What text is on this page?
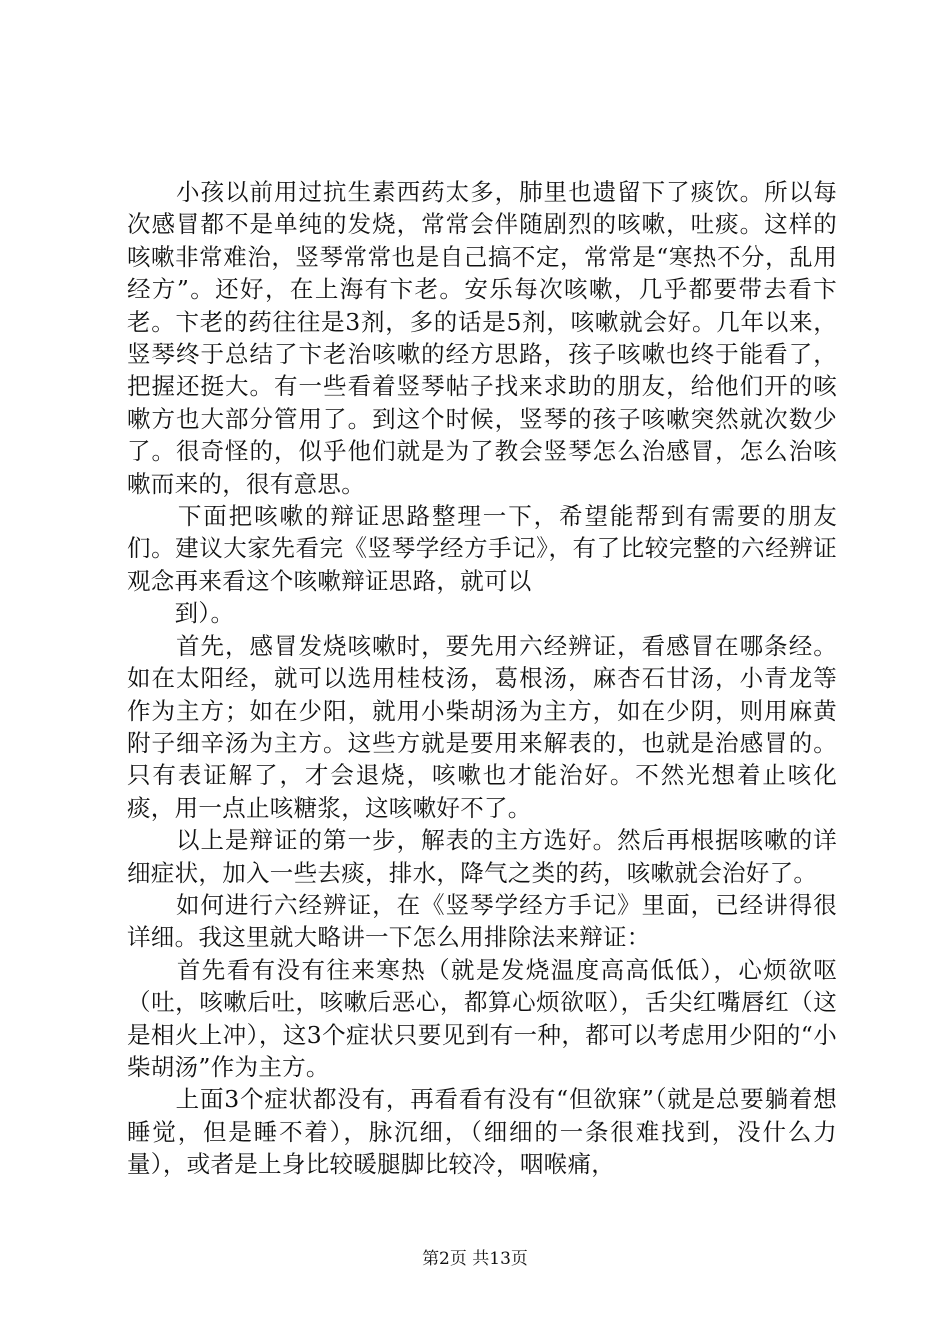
　　小孩以前用过抗生素西药太多，肺里也遗留下了痰饮。所以每次感冒都不是单纯的发烧，常常会伴随剧烈的咳嗽，吐痰。这样的咳嗽非常难治，竖琴常常也是自己搞不定，常常是“寒热不分，乱用经方”。还好，在上海有卞老。安乐每次咳嗽，几乎都要带去看卞老。卞老的药往往是3剂，多的话是5剂，咳嗽就会好。几年以来，竖琴终于总结了卞老治咳嗽的经方思路，孩子咳嗽也终于能看了，把握还挺大。有一些看着竖琴帖子找来求助的朋友，给他们开的咳嗽方也大部分管用了。到这个时候，竖琴的孩子咳嗽突然就次数少了。很奇怪的，似乎他们就是为了教会竖琴怎么治感冒，怎么治咳嗽而来的，很有意思。

　　下面把咳嗽的辩证思路整理一下，希望能帮到有需要的朋友们。建议大家先看完《竖琴学经方手记》，有了比较完整的六经辨证观念再来看这个咳嗽辩证思路，就可以

　　到）。

　　首先，感冒发烧咳嗽时，要先用六经辨证，看感冒在哪条经。如在太阳经，就可以选用桂枝汤，葛根汤，麻杏石甘汤，小青龙等作为主方；如在少阳，就用小柴胡汤为主方，如在少阴，则用麻黄附子细辛汤为主方。这些方就是要用来解表的，也就是治感冒的。只有表证解了，才会退烧，咳嗽也才能治好。不然光想着止咳化痰，用一点止咳糖浆，这咳嗽好不了。

　　以上是辩证的第一步，解表的主方选好。然后再根据咳嗽的详细症状，加入一些去痰，排水，降气之类的药，咳嗽就会治好了。

　　如何进行六经辨证，在《竖琴学经方手记》里面，已经讲得很详细。我这里就大略讲一下怎么用排除法来辩证：

　　首先看有没有往来寒热（就是发烧温度高高低低），心烦欲呕（吐，咳嗽后吐，咳嗽后恶心，都算心烦欲呕），舌尖红嘴唇红（这是相火上冲），这3个症状只要见到有一种，都可以考虑用少阳的“小柴胡汤”作为主方。

　　上面3个症状都没有，再看看有没有“但欲寐”（就是总要躺着想睡觉，但是睡不着），脉沉细，（细细的一条很难找到，没什么力量），或者是上身比较暖腿脚比较冷，咽喉痛，

第2页 共13页
